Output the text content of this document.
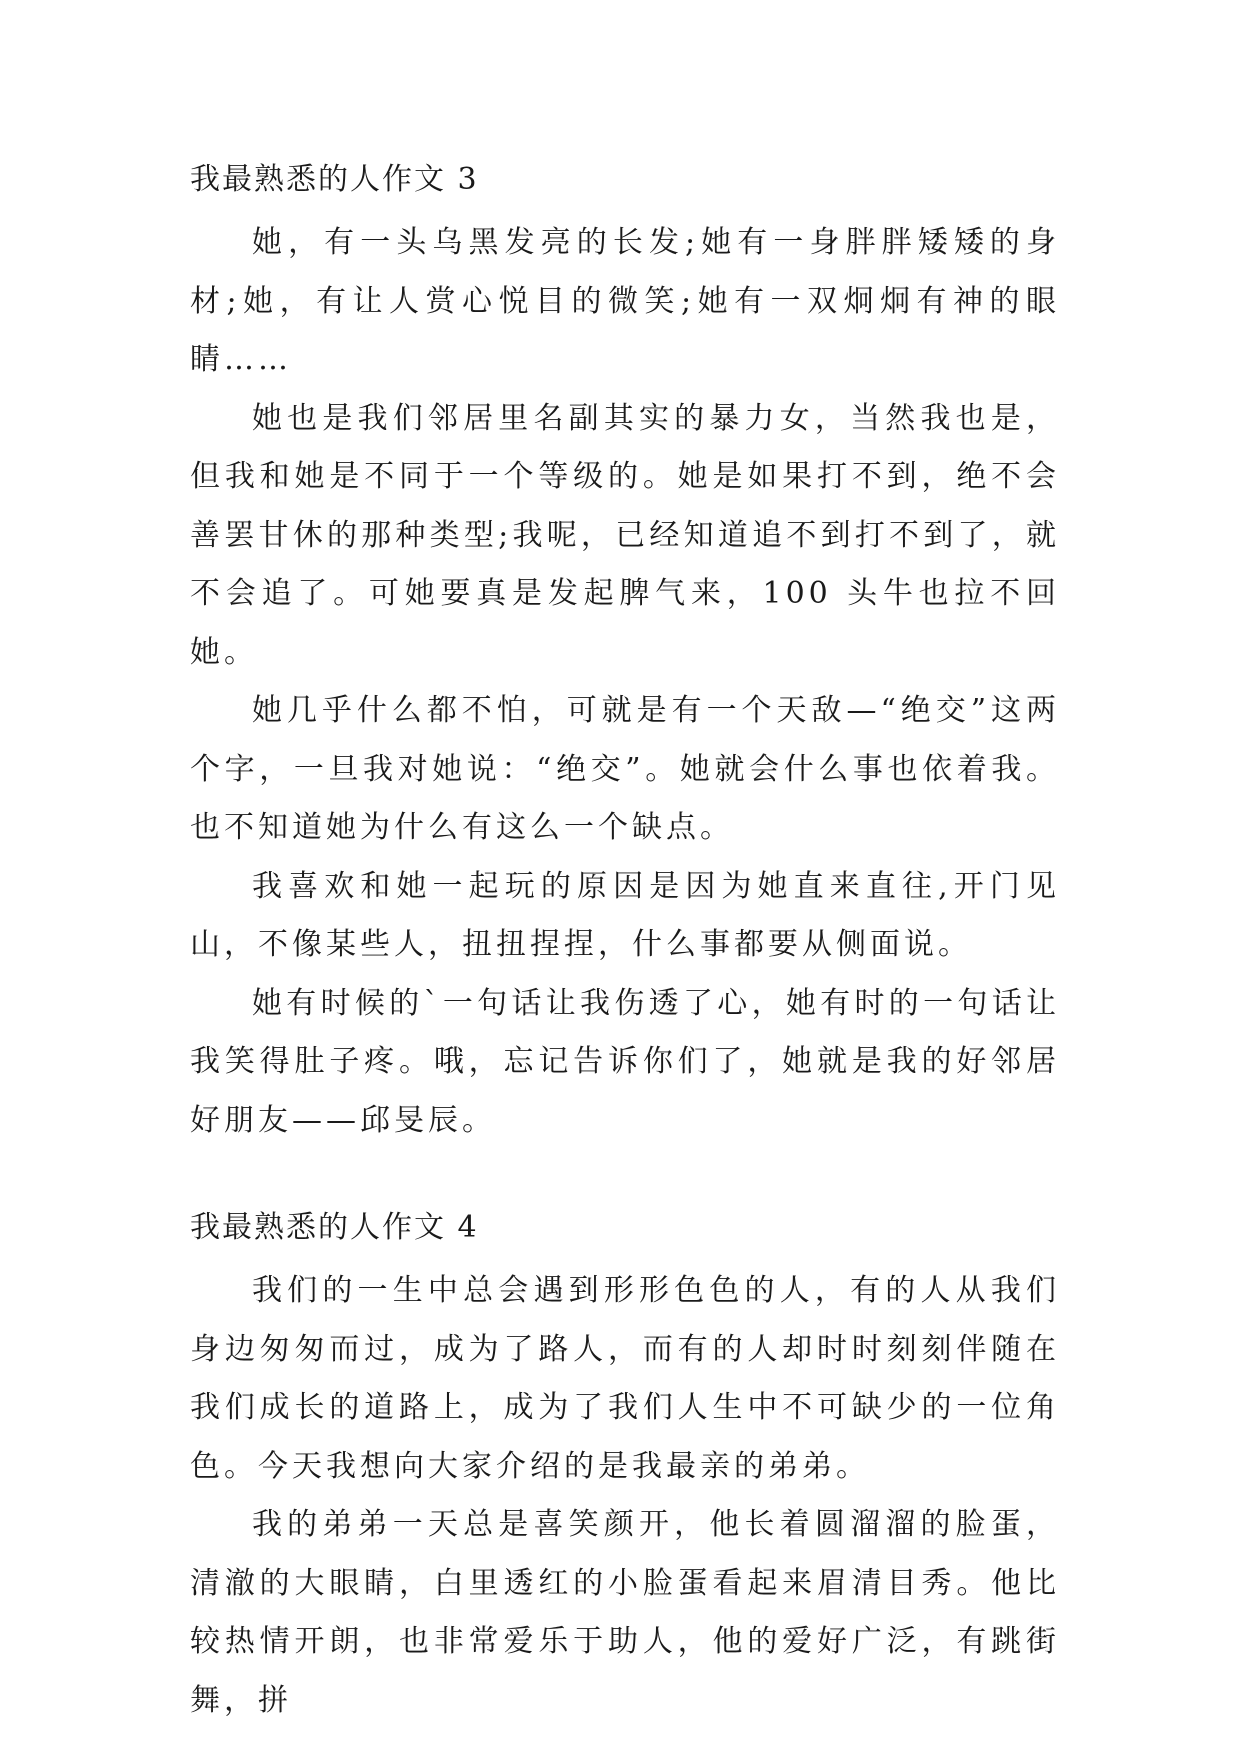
我最熟悉的人作文 3

她，有一头乌黑发亮的长发;她有一身胖胖矮矮的身材;她，有让人赏心悦目的微笑;她有一双炯炯有神的眼睛……

她也是我们邻居里名副其实的暴力女，当然我也是，但我和她是不同于一个等级的。她是如果打不到，绝不会善罢甘休的那种类型;我呢，已经知道追不到打不到了，就不会追了。可她要真是发起脾气来，100 头牛也拉不回她。

她几乎什么都不怕，可就是有一个天敌—“绝交”这两个字，一旦我对她说：“绝交”。她就会什么事也依着我。也不知道她为什么有这么一个缺点。

我喜欢和她一起玩的原因是因为她直来直往,开门见山，不像某些人，扭扭捏捏，什么事都要从侧面说。

她有时候的`一句话让我伤透了心，她有时的一句话让我笑得肚子疼。哦，忘记告诉你们了，她就是我的好邻居好朋友——邱旻辰。

我最熟悉的人作文 4

我们的一生中总会遇到形形色色的人，有的人从我们身边匆匆而过，成为了路人，而有的人却时时刻刻伴随在我们成长的道路上，成为了我们人生中不可缺少的一位角色。今天我想向大家介绍的是我最亲的弟弟。

我的弟弟一天总是喜笑颜开，他长着圆溜溜的脸蛋，清澈的大眼睛，白里透红的小脸蛋看起来眉清目秀。他比较热情开朗，也非常爱乐于助人，他的爱好广泛，有跳街舞，拼
